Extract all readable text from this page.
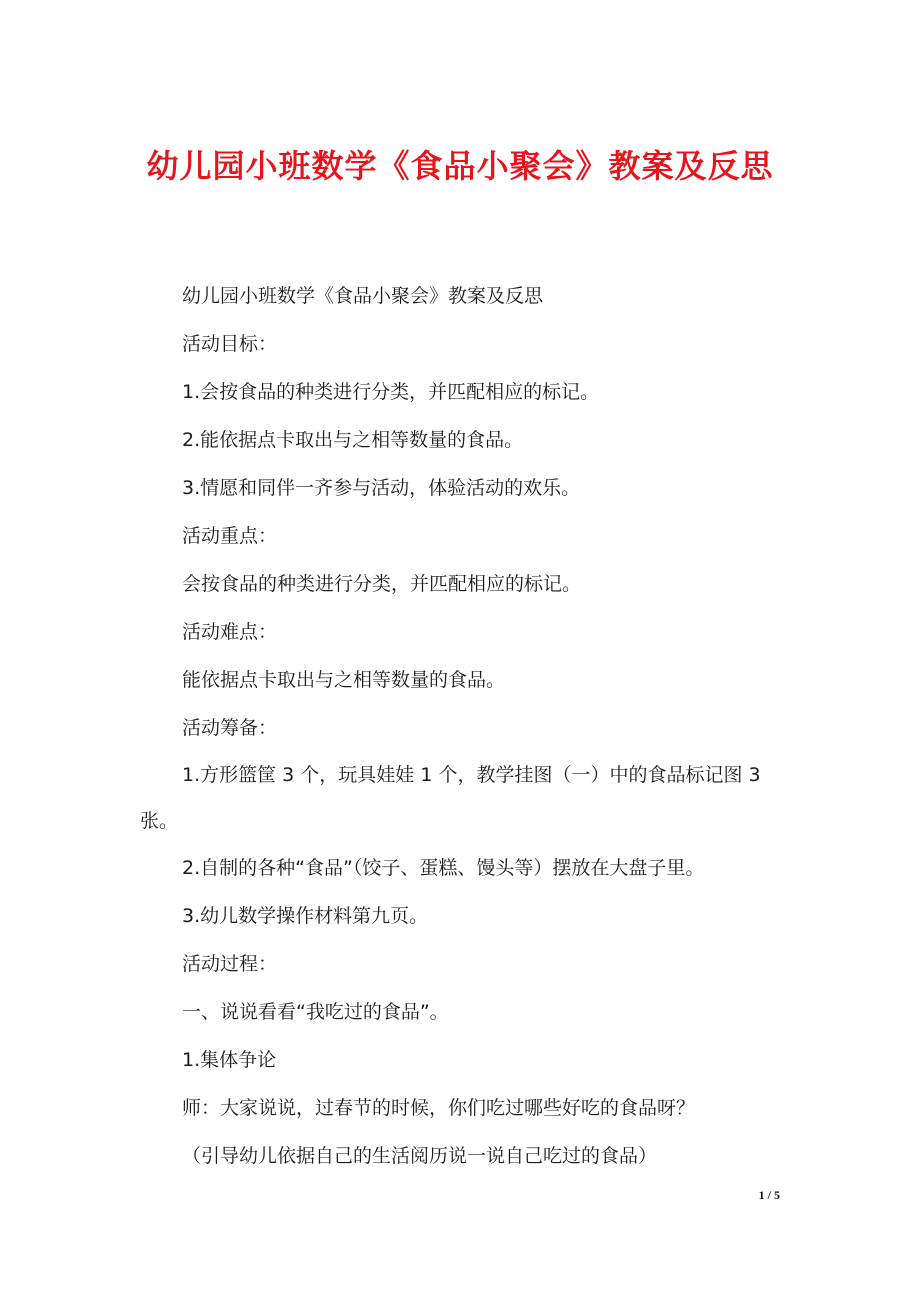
幼儿园小班数学《食品小聚会》教案及反思

幼儿园小班数学《食品小聚会》教案及反思

活动目标：

1.会按食品的种类进行分类，并匹配相应的标记。

2.能依据点卡取出与之相等数量的食品。

3.情愿和同伴一齐参与活动，体验活动的欢乐。

活动重点：

会按食品的种类进行分类，并匹配相应的标记。

活动难点：

能依据点卡取出与之相等数量的食品。

活动筹备：

1.方形篮筐 3 个，玩具娃娃 1 个，教学挂图（一）中的食品标记图 3 张。

2.自制的各种“食品”（饺子、蛋糕、馒头等）摆放在大盘子里。

3.幼儿数学操作材料第九页。

活动过程：

一、说说看看“我吃过的食品”。

1.集体争论

师：大家说说，过春节的时候，你们吃过哪些好吃的食品呀？

（引导幼儿依据自己的生活阅历说一说自己吃过的食品）

1 / 5
